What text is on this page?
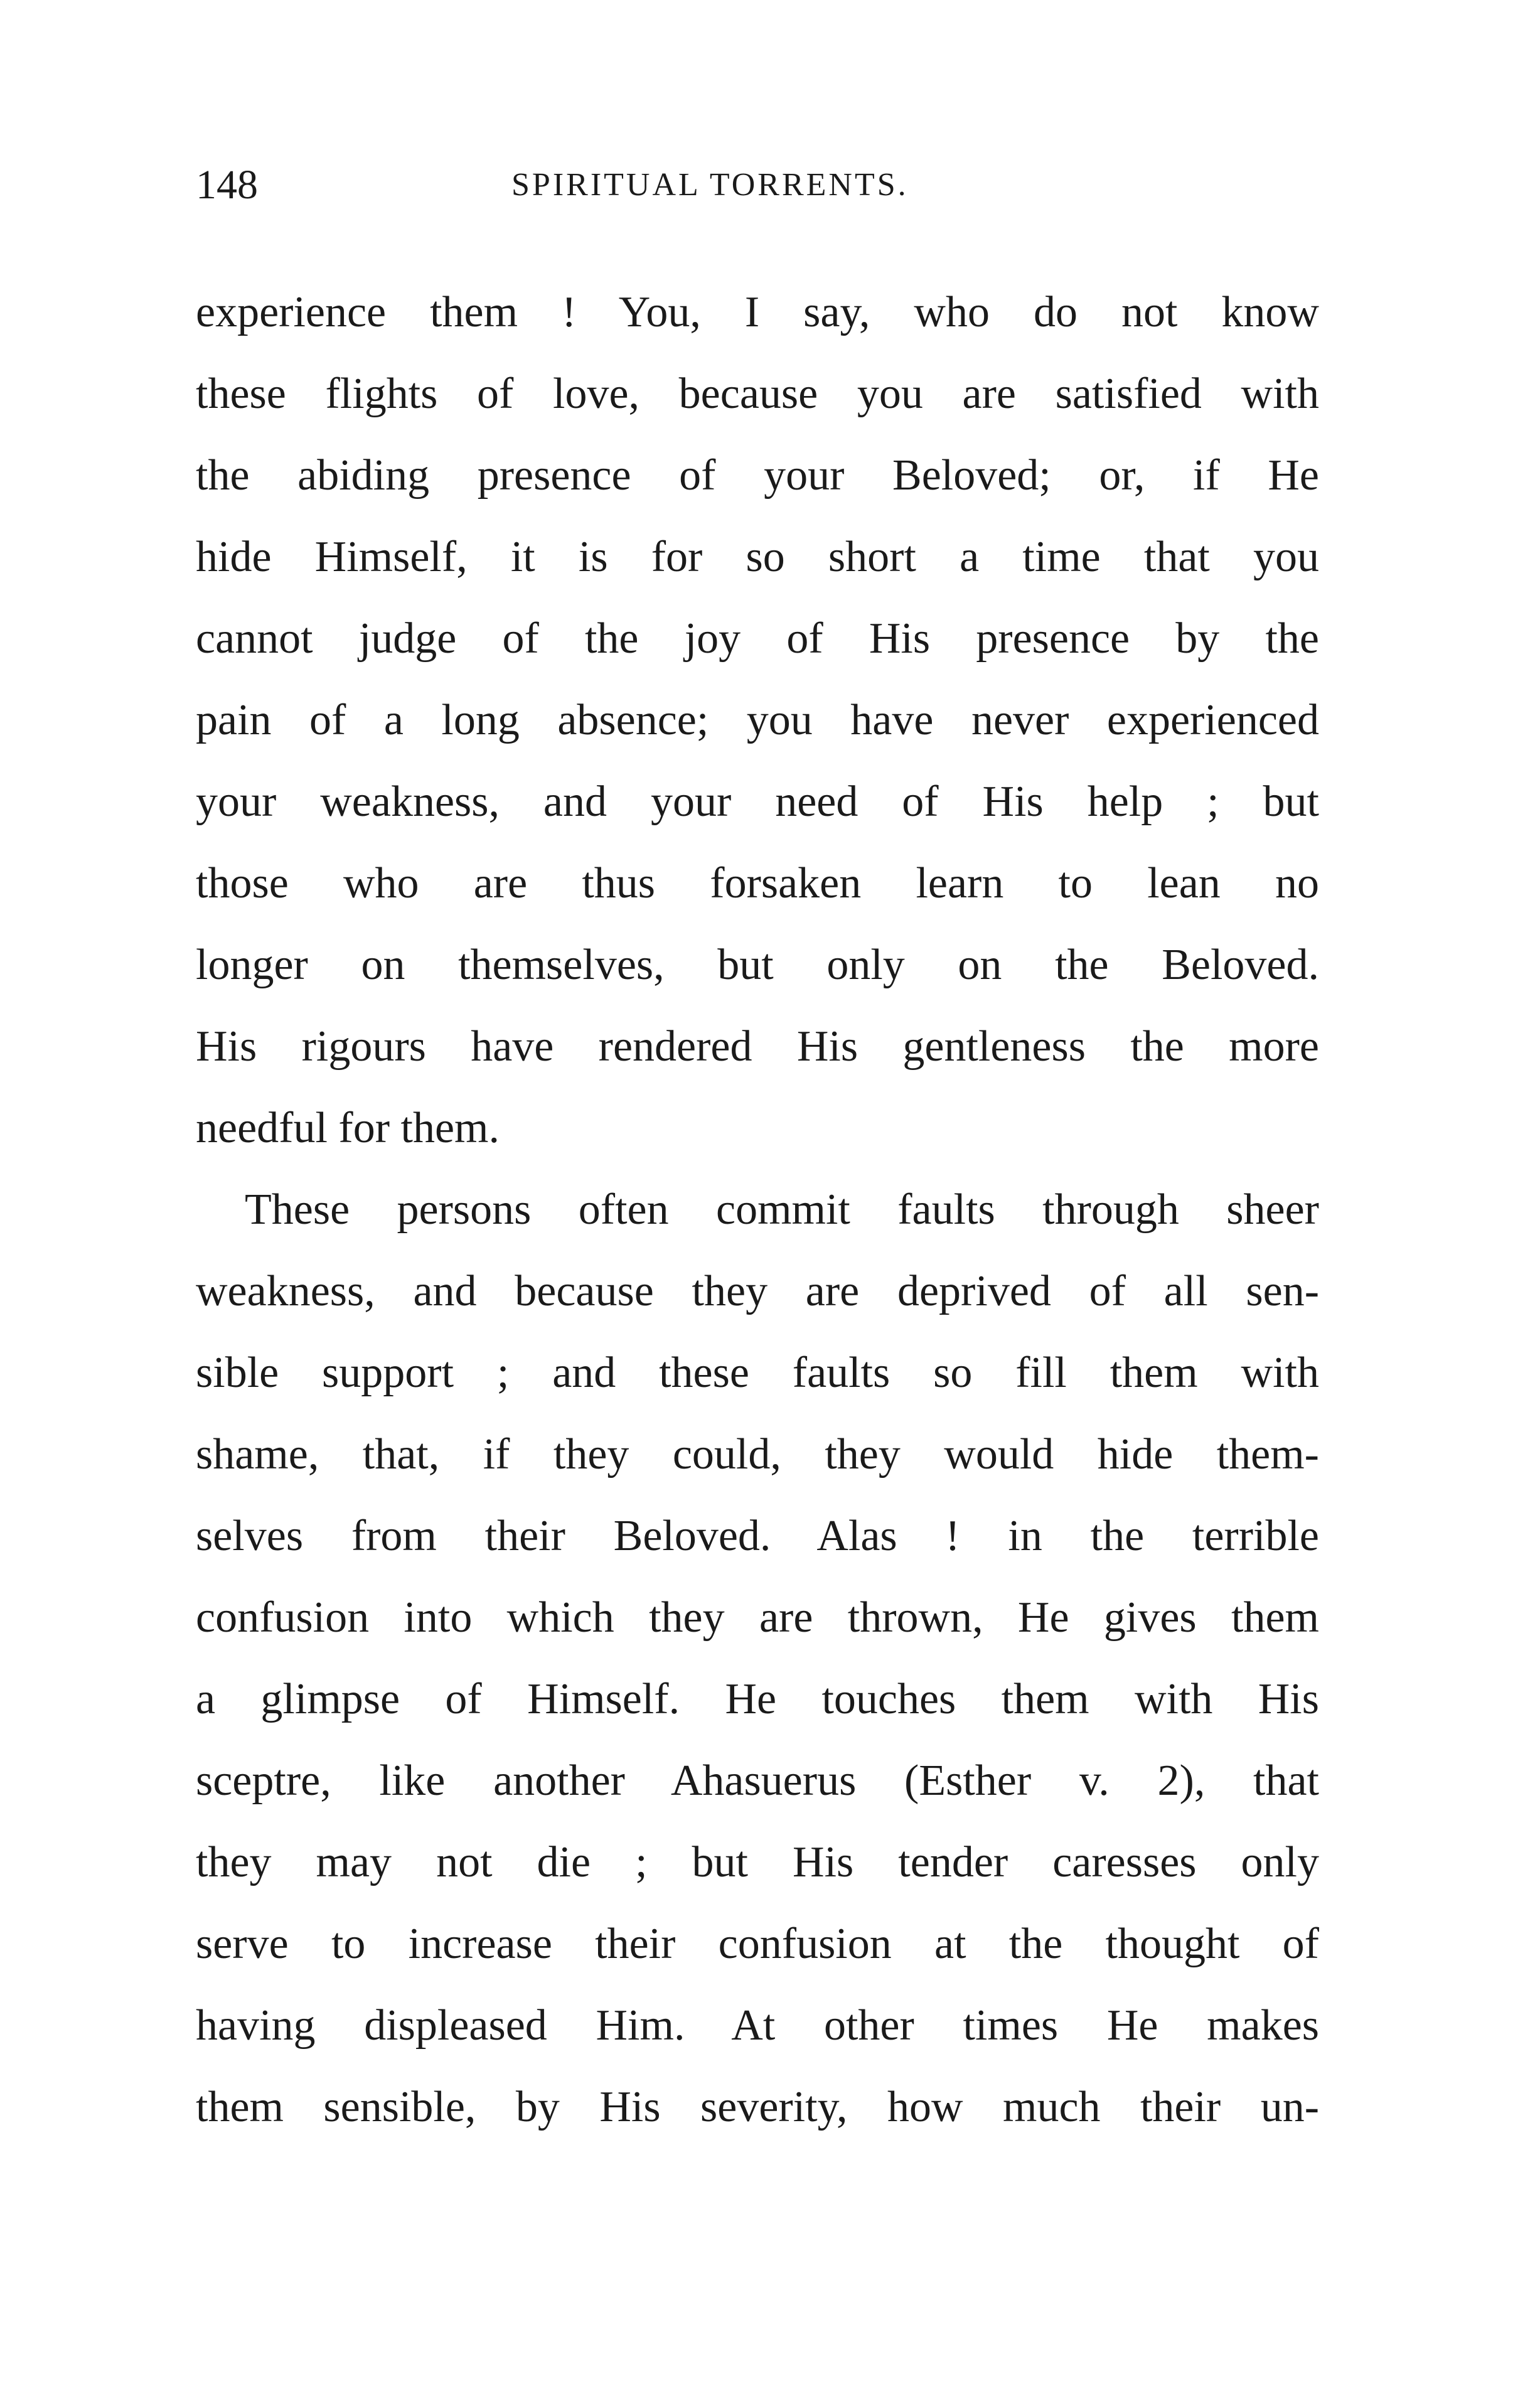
148	SPIRITUAL TORRENTS.
experience them ! You, I say, who do not know
these flights of love, because you are satisfied with
the abiding presence of your Beloved; or, if He
hide Himself, it is for so short a time that you
cannot judge of the joy of His presence by the
pain of a long absence; you have never experienced
your weakness, and your need of His help ; but
those who are thus forsaken learn to lean no
longer on themselves, but only on the Beloved.
His rigours have rendered His gentleness the more
needful for them.
These persons often commit faults through sheer
weakness, and because they are deprived of all sen-
sible support ; and these faults so fill them with
shame, that, if they could, they would hide them-
selves from their Beloved. Alas ! in the terrible
confusion into which they are thrown, He gives them
a glimpse of Himself. He touches them with His
sceptre, like another Ahasuerus (Esther v. 2), that
they may not die ; but His tender caresses only
serve to increase their confusion at the thought of
having displeased Him. At other times He makes
them sensible, by His severity, how much their un-
